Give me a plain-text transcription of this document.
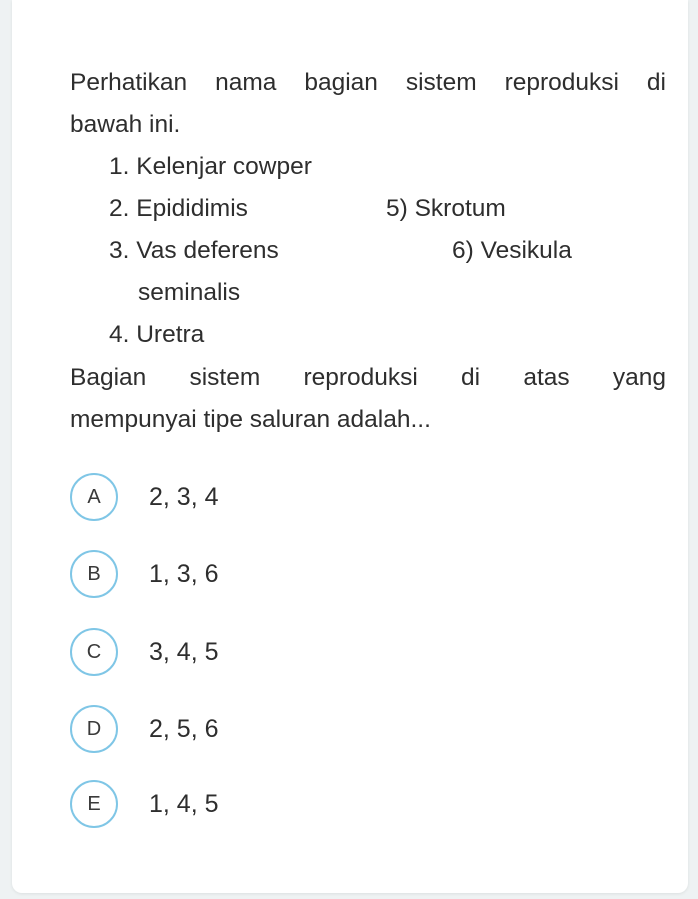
Perhatikan nama bagian sistem reproduksi di
bawah ini.
1. Kelenjar cowper
2. Epididimis	5) Skrotum
3. Vas deferens	6) Vesikula
seminalis
4. Uretra
Bagian sistem reproduksi di atas yang
mempunyai tipe saluran adalah...
A	2, 3, 4
B	1, 3, 6
C	3, 4, 5
D	2, 5, 6
E	1, 4, 5
